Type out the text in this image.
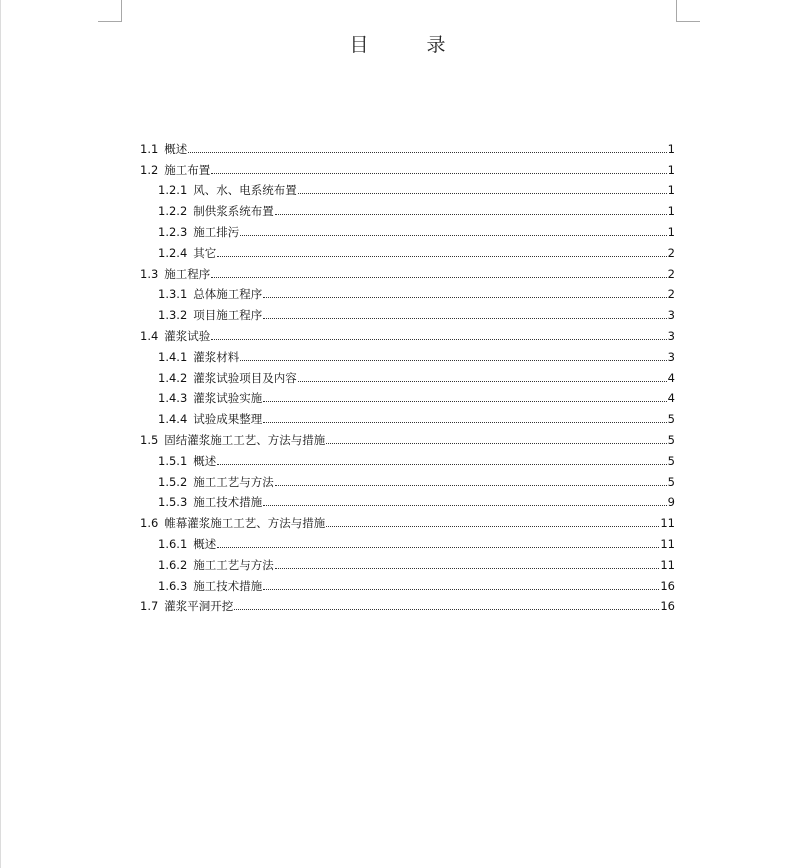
目 录
1.1 概述	1
1.2 施工布置	1
1.2.1 风、水、电系统布置	1
1.2.2 制供浆系统布置	1
1.2.3 施工排污	1
1.2.4 其它	2
1.3 施工程序	2
1.3.1 总体施工程序	2
1.3.2 项目施工程序	3
1.4 灌浆试验	3
1.4.1 灌浆材料	3
1.4.2 灌浆试验项目及内容	4
1.4.3 灌浆试验实施	4
1.4.4 试验成果整理	5
1.5 固结灌浆施工工艺、方法与措施	5
1.5.1 概述	5
1.5.2 施工工艺与方法	5
1.5.3 施工技术措施	9
1.6 帷幕灌浆施工工艺、方法与措施	11
1.6.1 概述	11
1.6.2 施工工艺与方法	11
1.6.3 施工技术措施	16
1.7 灌浆平洞开挖	16
